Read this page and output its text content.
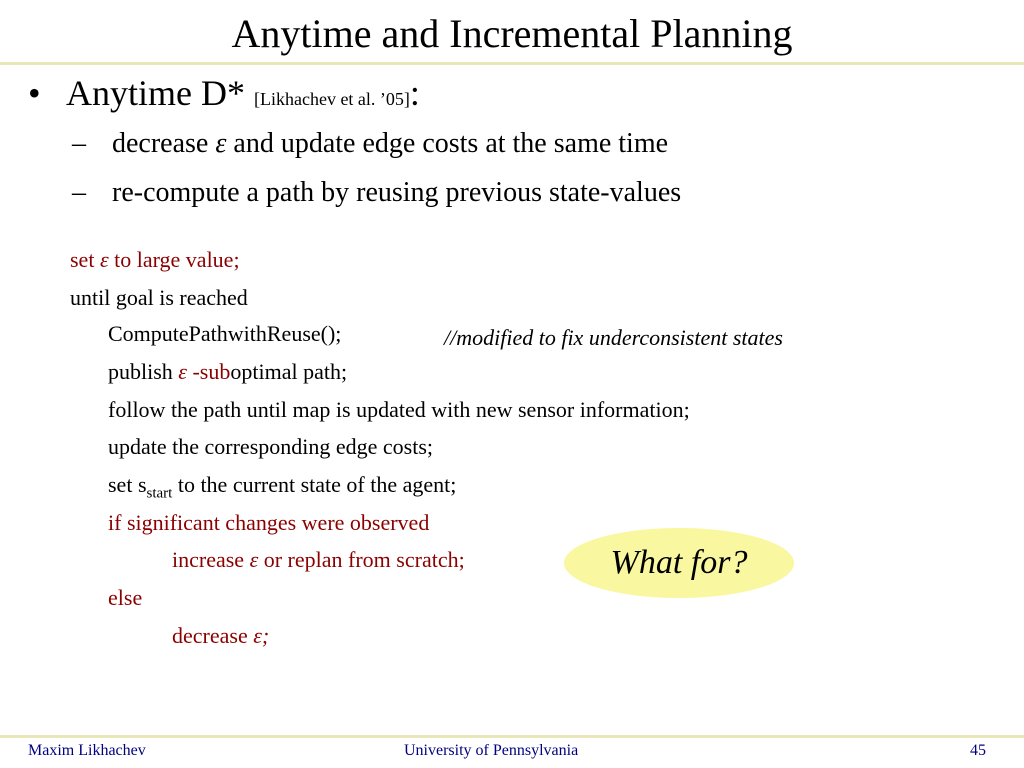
Anytime and Incremental Planning
• Anytime D* [Likhachev et al. ’05]:
– decrease ε and update edge costs at the same time
– re-compute a path by reusing previous state-values
set ε to large value;
until goal is reached
ComputePathwithReuse();	//modified to fix underconsistent states
publish ε -suboptimal path;
follow the path until map is updated with new sensor information;
update the corresponding edge costs;
set $s_{start}$ to the current state of the agent;
if significant changes were observed
increase ε or replan from scratch;
else
decrease ε;
What for?
Maxim Likhachev	University of Pennsylvania	45
